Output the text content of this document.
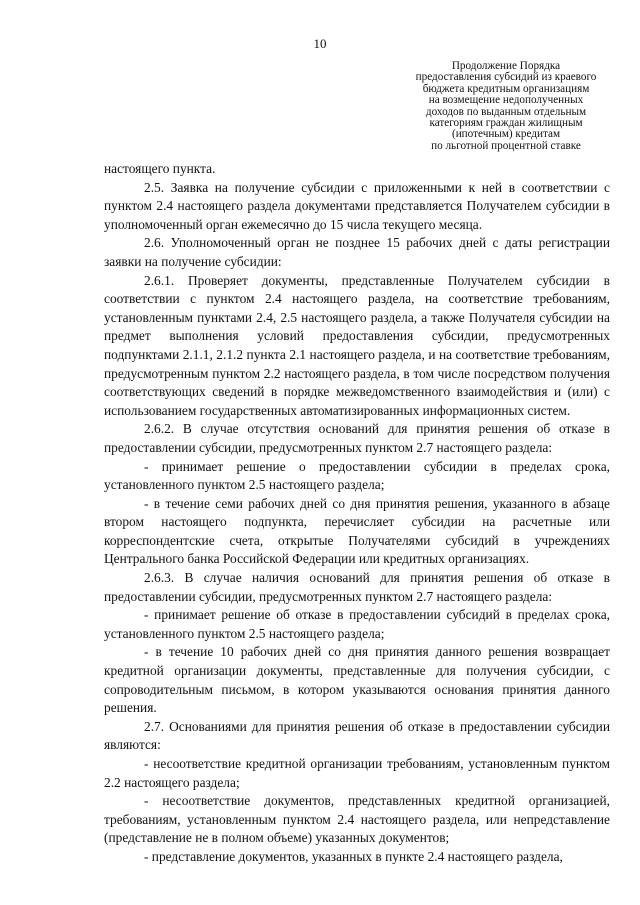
10
Продолжение Порядка
предоставления субсидий из краевого
бюджета кредитным организациям
на возмещение недополученных
доходов по выданным отдельным
категориям граждан жилищным
(ипотечным) кредитам
по льготной процентной ставке

настоящего пункта.

2.5. Заявка на получение субсидии с приложенными к ней в соответствии с пунктом 2.4 настоящего раздела документами представляется Получателем субсидии в уполномоченный орган ежемесячно до 15 числа текущего месяца.

2.6. Уполномоченный орган не позднее 15 рабочих дней с даты регистрации заявки на получение субсидии:

2.6.1. Проверяет документы, представленные Получателем субсидии в соответствии с пунктом 2.4 настоящего раздела, на соответствие требованиям, установленным пунктами 2.4, 2.5 настоящего раздела, а также Получателя субсидии на предмет выполнения условий предоставления субсидии, предусмотренных подпунктами 2.1.1, 2.1.2 пункта 2.1 настоящего раздела, и на соответствие требованиям, предусмотренным пунктом 2.2 настоящего раздела, в том числе посредством получения соответствующих сведений в порядке межведомственного взаимодействия и (или) с использованием государственных автоматизированных информационных систем.

2.6.2. В случае отсутствия оснований для принятия решения об отказе в предоставлении субсидии, предусмотренных пунктом 2.7 настоящего раздела:

- принимает решение о предоставлении субсидии в пределах срока, установленного пунктом 2.5 настоящего раздела;

- в течение семи рабочих дней со дня принятия решения, указанного в абзаце втором настоящего подпункта, перечисляет субсидии на расчетные или корреспондентские счета, открытые Получателями субсидий в учреждениях Центрального банка Российской Федерации или кредитных организациях.

2.6.3. В случае наличия оснований для принятия решения об отказе в предоставлении субсидии, предусмотренных пунктом 2.7 настоящего раздела:

- принимает решение об отказе в предоставлении субсидий в пределах срока, установленного пунктом 2.5 настоящего раздела;

- в течение 10 рабочих дней со дня принятия данного решения возвращает кредитной организации документы, представленные для получения субсидии, с сопроводительным письмом, в котором указываются основания принятия данного решения.

2.7. Основаниями для принятия решения об отказе в предоставлении субсидии являются:

- несоответствие кредитной организации требованиям, установленным пунктом 2.2 настоящего раздела;

- несоответствие документов, представленных кредитной организацией, требованиям, установленным пунктом 2.4 настоящего раздела, или непредставление (представление не в полном объеме) указанных документов;

- представление документов, указанных в пункте 2.4 настоящего раздела,
